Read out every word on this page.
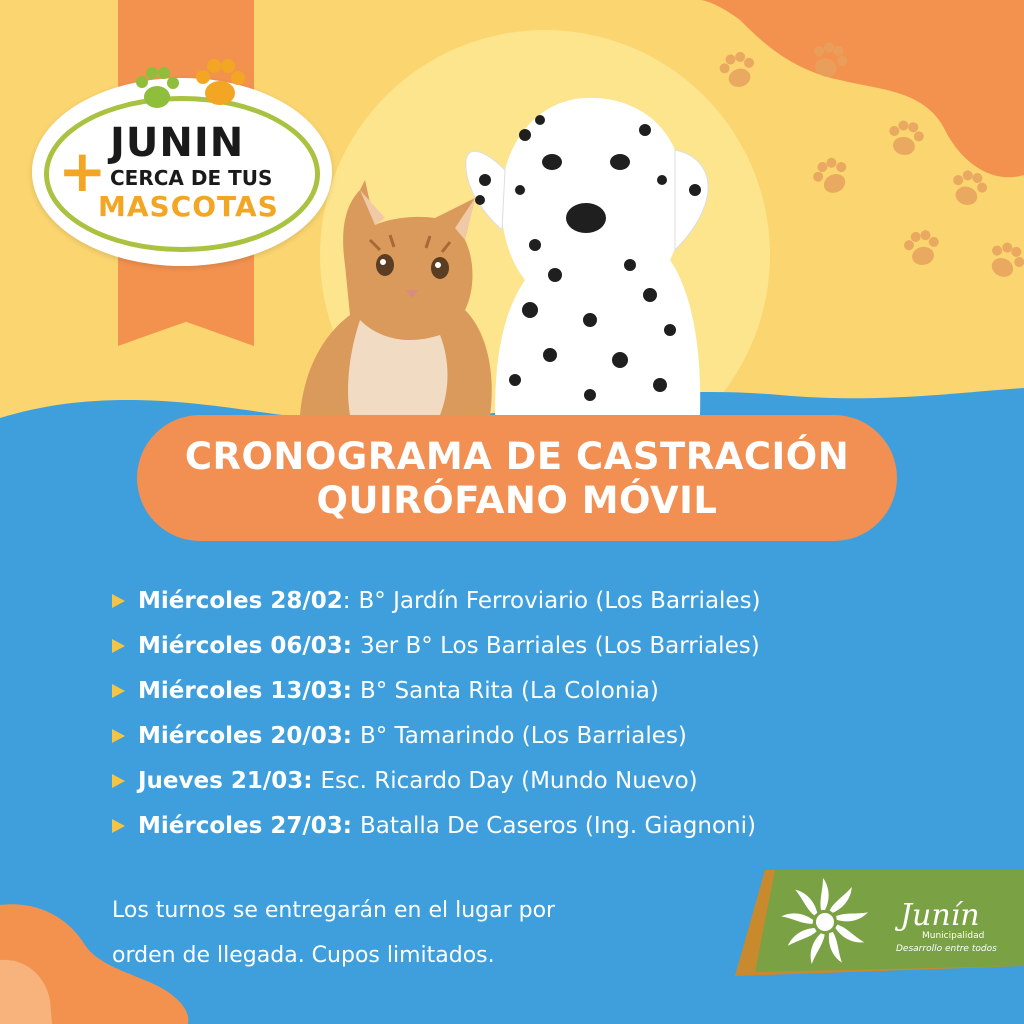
+ JUNIN
CERCA DE TUS
MASCOTAS
CRONOGRAMA DE CASTRACIÓN
QUIRÓFANO MÓVIL
Miércoles 28/02 : B° Jardín Ferroviario (Los Barriales)
Miércoles 06/03 : 3er B° Los Barriales (Los Barriales)
Miércoles 13/03 : B° Santa Rita (La Colonia)
Miércoles 20/03 : B° Tamarindo (Los Barriales)
Jueves 21/03 : Esc. Ricardo Day (Mundo Nuevo)
Miércoles 27/03 : Batalla De Caseros (Ing. Giagnoni)
Los turnos se entregarán en el lugar por
orden de llegada. Cupos limitados.
Junín
Municipalidad
Desarrollo entre todos
